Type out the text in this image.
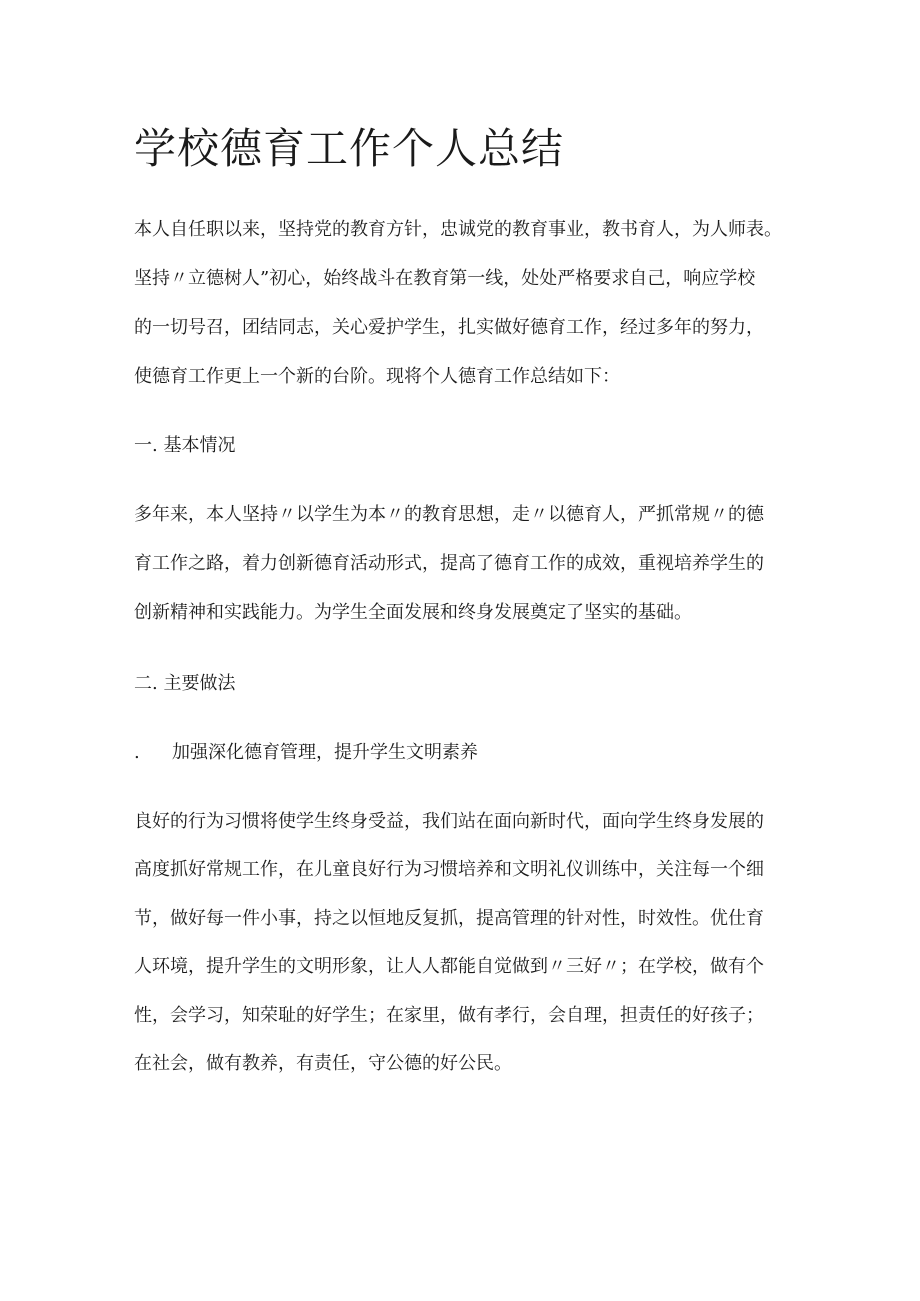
学校德育工作个人总结

本人自任职以来，坚持党的教育方针，忠诚党的教育事业，教书育人，为人师表。

坚持〃立德树人”初心，始终战斗在教育第一线，处处严格要求自己，响应学校

的一切号召，团结同志，关心爱护学生，扎实做好德育工作，经过多年的努力，

使德育工作更上一个新的台阶。现将个人德育工作总结如下：

一. 基本情况

多年来，本人坚持〃以学生为本〃的教育思想，走〃以德育人，严抓常规〃的德

育工作之路，着力创新德育活动形式，提高了德育工作的成效，重视培养学生的

创新精神和实践能力。为学生全面发展和终身发展奠定了坚实的基础。

二. 主要做法

. 加强深化德育管理，提升学生文明素养

良好的行为习惯将使学生终身受益，我们站在面向新时代，面向学生终身发展的

高度抓好常规工作，在儿童良好行为习惯培养和文明礼仪训练中，关注每一个细

节，做好每一件小事，持之以恒地反复抓，提高管理的针对性，时效性。优仕育

人环境，提升学生的文明形象，让人人都能自觉做到〃三好〃；在学校，做有个

性，会学习，知荣耻的好学生；在家里，做有孝行，会自理，担责任的好孩子；

在社会，做有教养，有责任，守公德的好公民。
